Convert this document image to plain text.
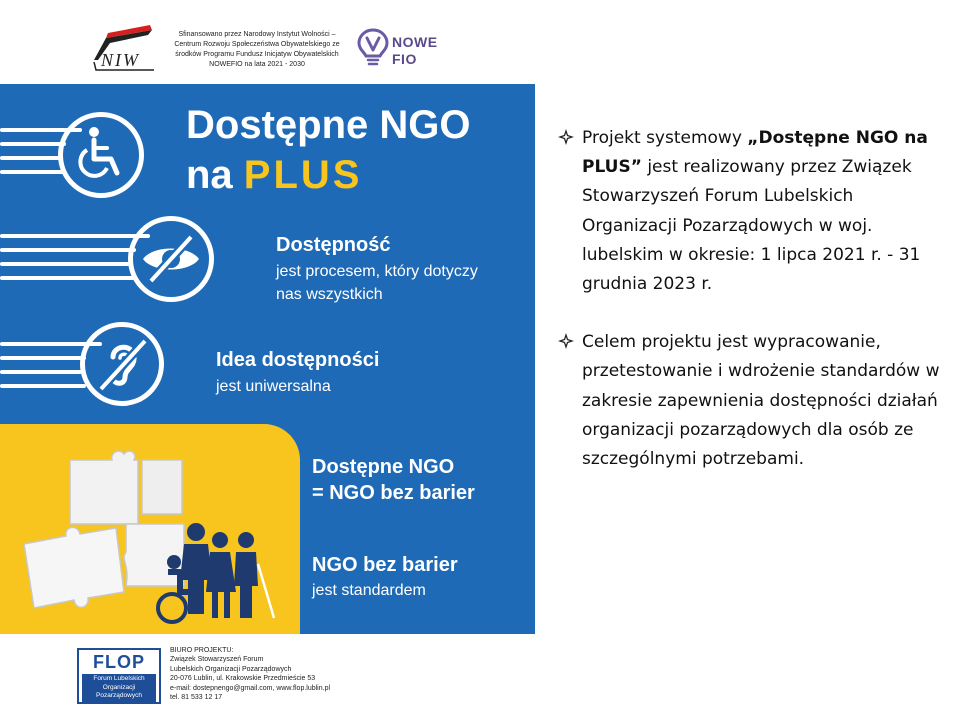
NIW
Sfinansowano przez Narodowy Instytut Wolności – Centrum Rozwoju Społeczeństwa Obywatelskiego ze środków Programu Fundusz Inicjatyw Obywatelskich NOWEFIO na lata 2021 - 2030
NOWE
FIO
Dostępne NGO
na PLUS
Dostępność
jest procesem, który dotyczy
nas wszystkich
Idea dostępności
jest uniwersalna
Dostępne NGO
= NGO bez barier
NGO bez barier
jest standardem
FLOP
Forum Lubelskich
Organizacji
Pozarządowych
BIURO PROJEKTU:
Związek Stowarzyszeń Forum
Lubelskich Organizacji Pozarządowych
20-076 Lublin, ul. Krakowskie Przedmieście 53
e-mail: dostepnengo@gmail.com, www.flop.lublin.pl
tel. 81 533 12 17
Projekt systemowy „Dostępne NGO na PLUS” jest realizowany przez Związek Stowarzyszeń Forum Lubelskich Organizacji Pozarządowych w woj. lubelskim w okresie: 1 lipca 2021 r. - 31 grudnia 2023 r.
Celem projektu jest wypracowanie, przetestowanie i wdrożenie standardów w zakresie zapewnienia dostępności działań organizacji pozarządowych dla osób ze szczególnymi potrzebami.
